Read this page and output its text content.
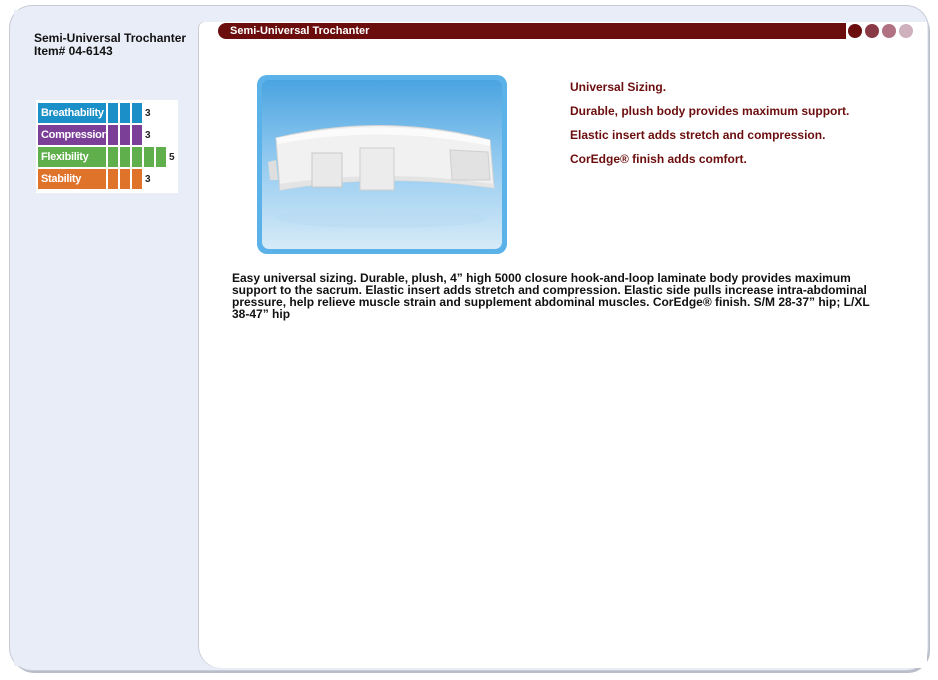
Semi-Universal Trochanter
Item# 04-6143
Breathability	3
Compression	3
Flexibility	5
Stability	3
Semi-Universal Trochanter
Universal Sizing.
Durable, plush body provides maximum support.
Elastic insert adds stretch and compression.
CorEdge® finish adds comfort.
Easy universal sizing. Durable, plush, 4” high 5000 closure hook-and-loop laminate body provides maximum support to the sacrum. Elastic insert adds stretch and compression. Elastic side pulls increase intra-abdominal pressure, help relieve muscle strain and supplement abdominal muscles. CorEdge® finish. S/M 28-37” hip; L/XL 38-47” hip
